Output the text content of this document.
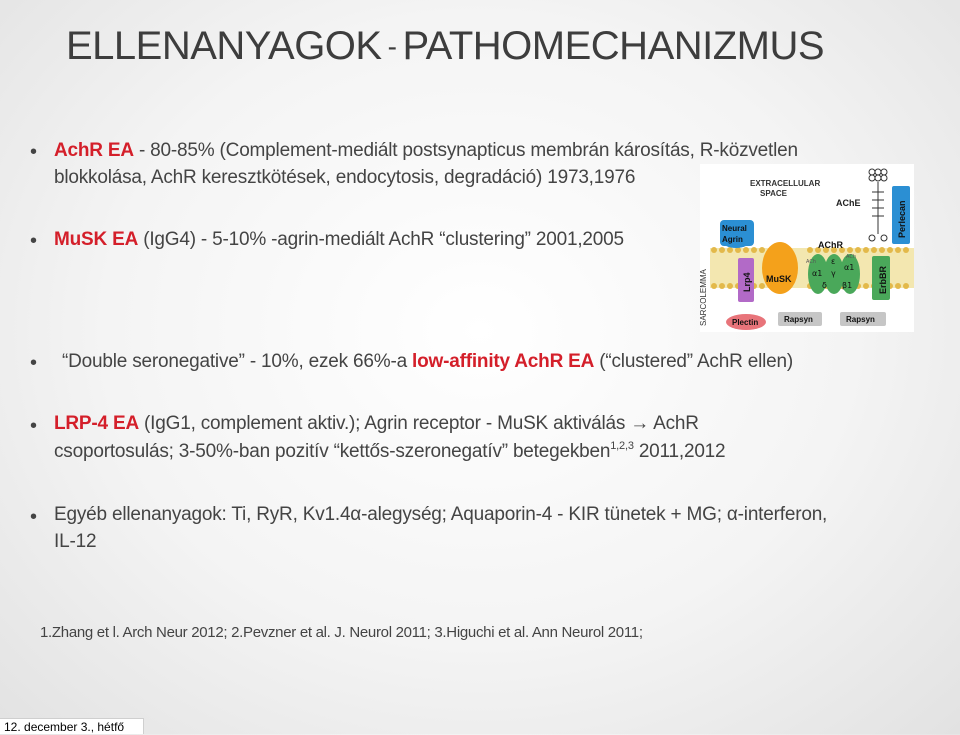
ELLENANYAGOK - PATHOMECHANIZMUS
• AchR EA - 80-85% (Complement-mediált postsynapticus membrán károsítás, R-közvetlen
blokkolása, AchR keresztkötések, endocytosis, degradáció) 1973,1976
• MuSK EA (IgG4) - 5-10% -agrin-mediált AchR “clustering” 2001,2005
• “Double seronegative” - 10%, ezek 66%-a low-affinity AchR EA (“clustered” AchR ellen)
• LRP-4 EA (IgG1, complement aktiv.); Agrin receptor - MuSK aktiválás → AchR
csoportosulás; 3-50%-ban pozitív “kettős-szeronegatív” betegekben$^{1,2,3}$ 2011,2012
• Egyéb ellenanyagok: Ti, RyR, Kv1.4α-alegység; Aquaporin-4 - KIR tünetek + MG; α-interferon,
IL-12
1.Zhang et l. Arch Neur 2012; 2.Pevzner et al. J. Neurol 2011; 3.Higuchi et al. Ann Neurol 2011;
SARCOLEMMA
EXTRACELLULAR
SPACE
AChE	Perlecan
Neural
Agrin
Lrp4 MuSK
AChR
α1
ε
γ
δ
α1
β1
ACh
ACh
ErbBR
Plectin	Rapsyn	Rapsyn
12. december 3., hétfő
